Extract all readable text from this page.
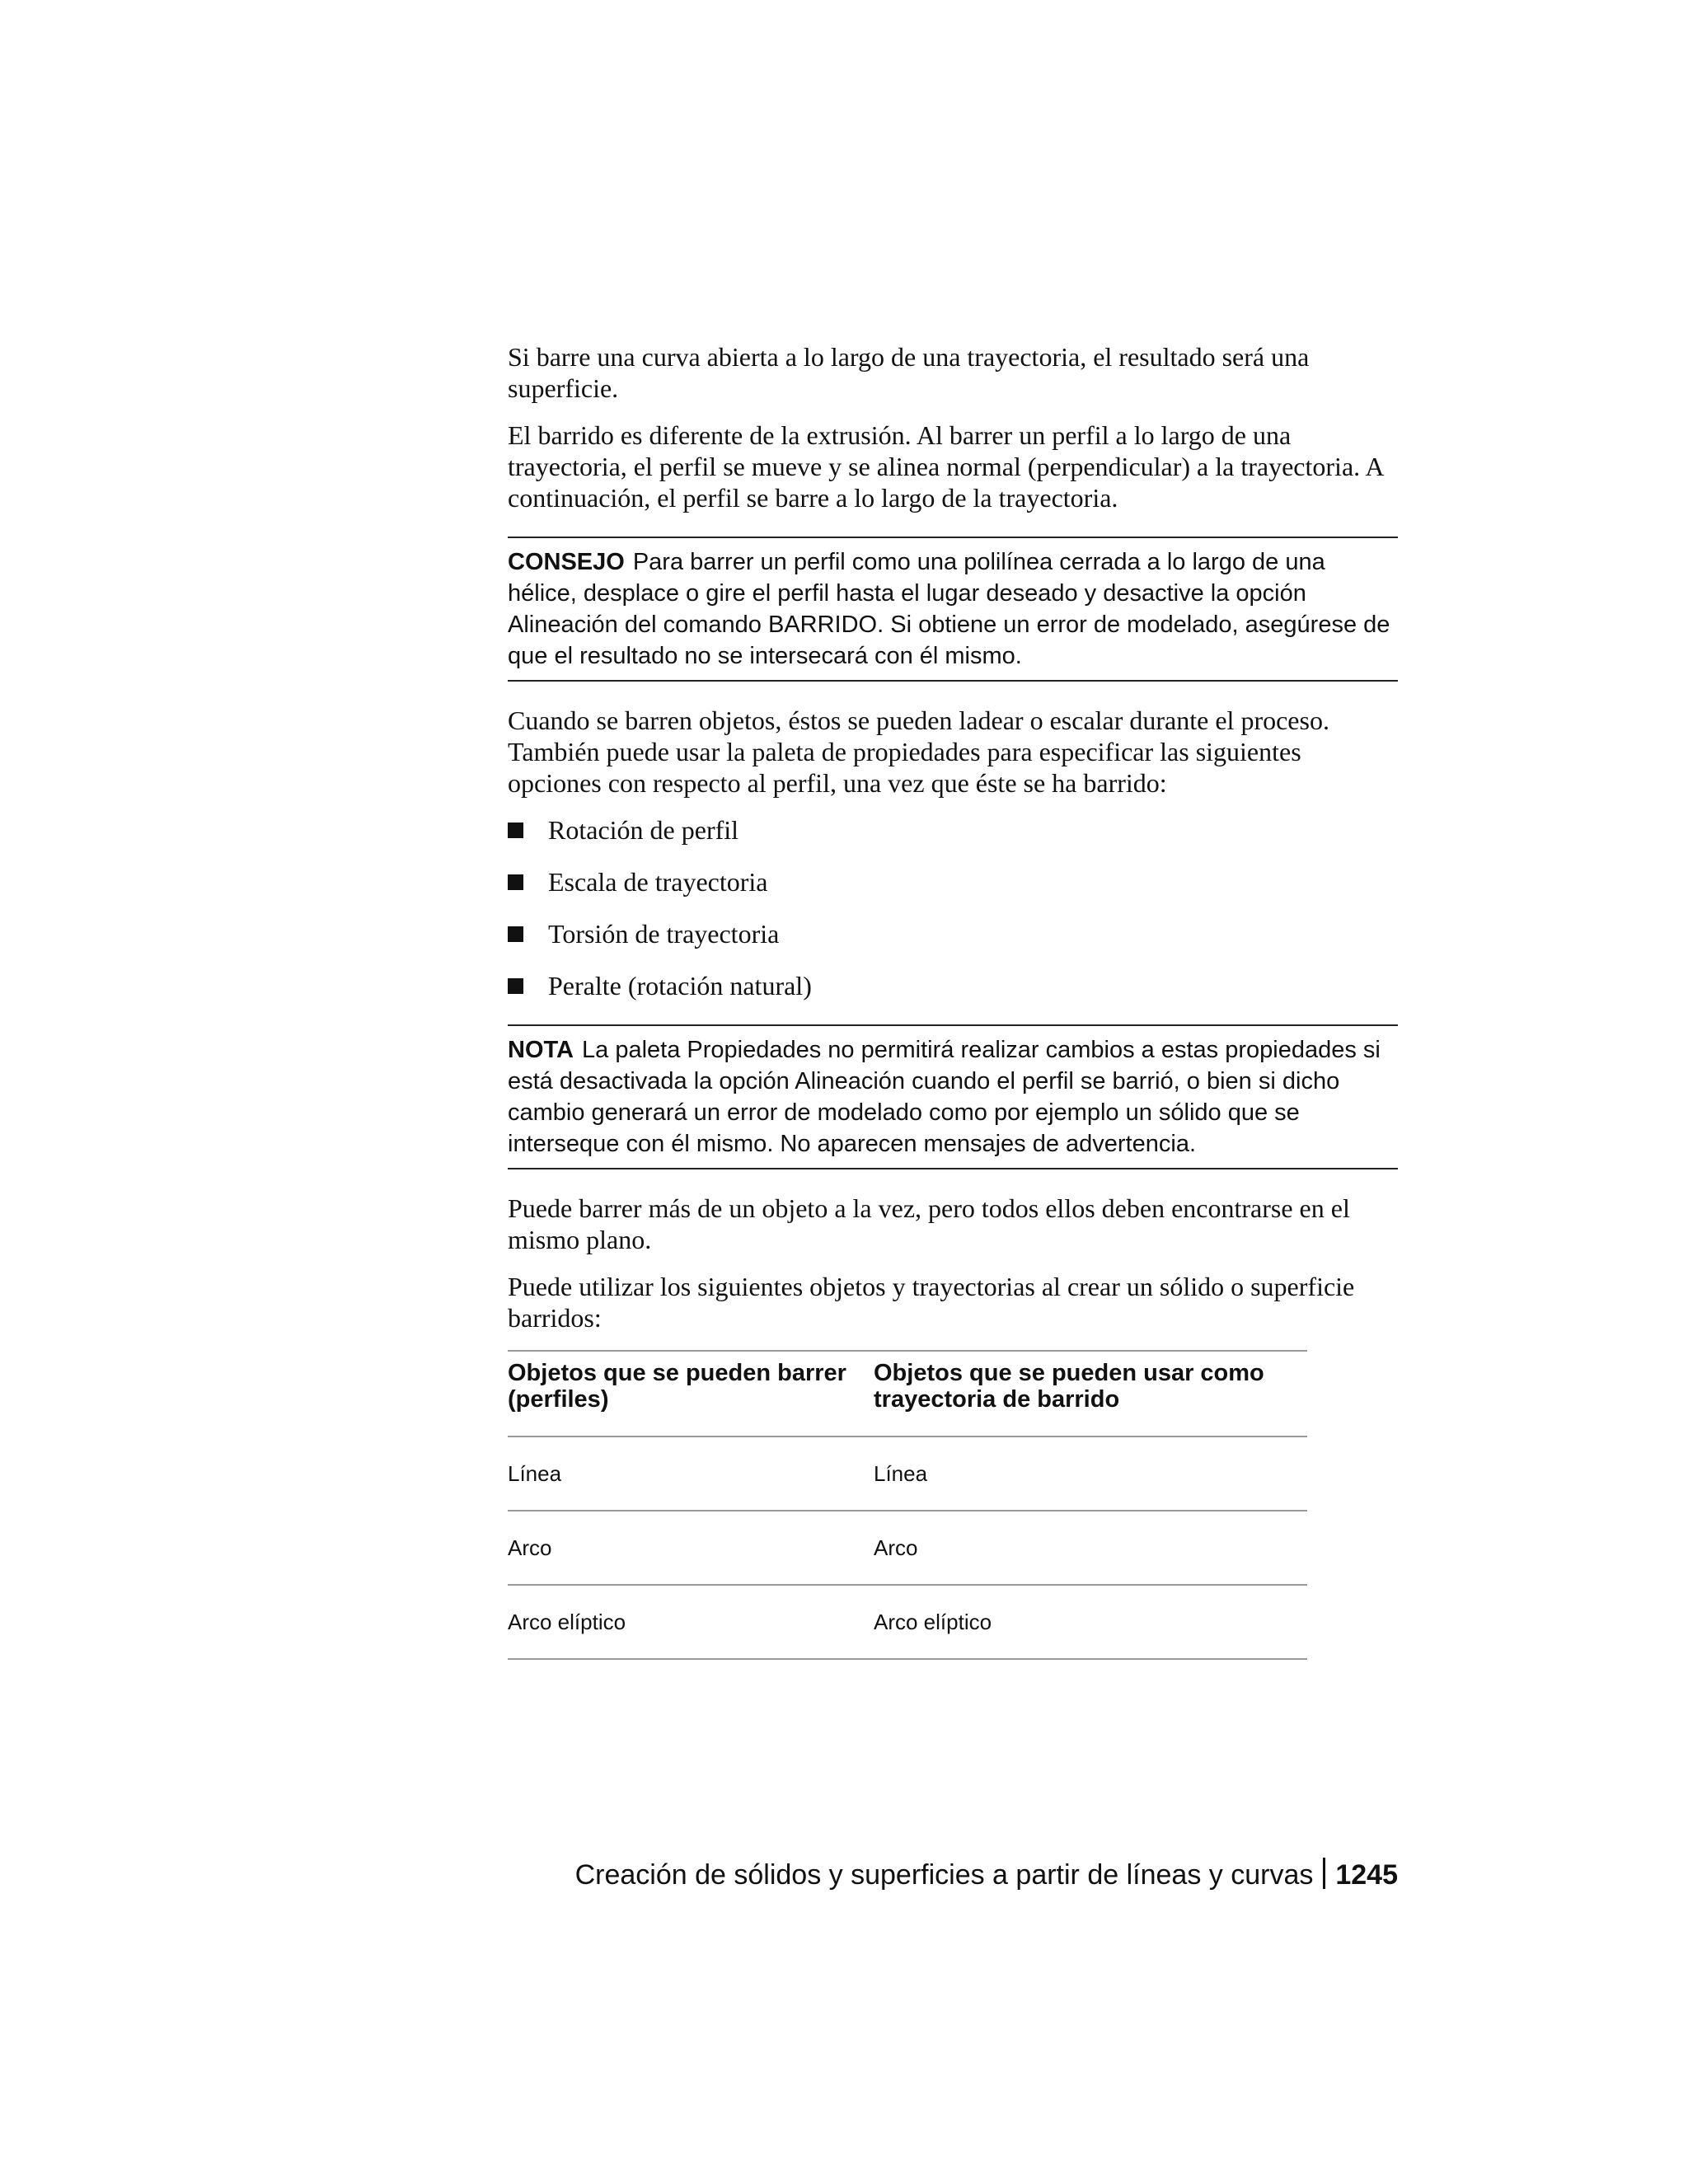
Si barre una curva abierta a lo largo de una trayectoria, el resultado será una superficie.

El barrido es diferente de la extrusión. Al barrer un perfil a lo largo de una trayectoria, el perfil se mueve y se alinea normal (perpendicular) a la trayectoria. A continuación, el perfil se barre a lo largo de la trayectoria.

CONSEJO Para barrer un perfil como una polilínea cerrada a lo largo de una hélice, desplace o gire el perfil hasta el lugar deseado y desactive la opción Alineación del comando BARRIDO. Si obtiene un error de modelado, asegúrese de que el resultado no se intersecará con él mismo.

Cuando se barren objetos, éstos se pueden ladear o escalar durante el proceso. También puede usar la paleta de propiedades para especificar las siguientes opciones con respecto al perfil, una vez que éste se ha barrido:

Rotación de perfil
Escala de trayectoria
Torsión de trayectoria
Peralte (rotación natural)
NOTA La paleta Propiedades no permitirá realizar cambios a estas propiedades si está desactivada la opción Alineación cuando el perfil se barrió, o bien si dicho cambio generará un error de modelado como por ejemplo un sólido que se interseque con él mismo. No aparecen mensajes de advertencia.

Puede barrer más de un objeto a la vez, pero todos ellos deben encontrarse en el mismo plano.

Puede utilizar los siguientes objetos y trayectorias al crear un sólido o superficie barridos:

Objetos que se pueden barrer (perfiles)	Objetos que se pueden usar como trayectoria de barrido
Línea	Línea
Arco	Arco
Arco elíptico	Arco elíptico
Creación de sólidos y superficies a partir de líneas y curvas 1245
